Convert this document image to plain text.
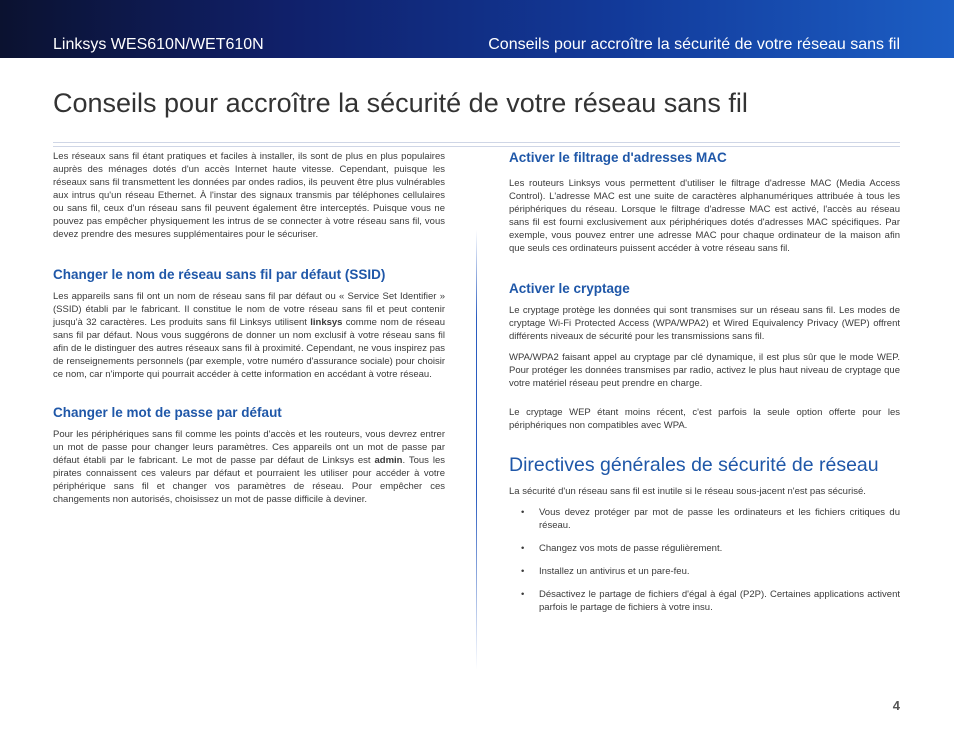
Linksys WES610N/WET610N	Conseils pour accroître la sécurité de votre réseau sans fil
Conseils pour accroître la sécurité de votre réseau sans fil

Les réseaux sans fil étant pratiques et faciles à installer, ils sont de plus en plus populaires auprès des ménages dotés d'un accès Internet haute vitesse. Cependant, puisque les réseaux sans fil transmettent les données par ondes radios, ils peuvent être plus vulnérables aux intrus qu'un réseau Ethernet. À l'instar des signaux transmis par téléphones cellulaires ou sans fil, ceux d'un réseau sans fil peuvent également être interceptés. Puisque vous ne pouvez pas empêcher physiquement les intrus de se connecter à votre réseau sans fil, vous devez prendre des mesures supplémentaires pour le sécuriser.

Changer le nom de réseau sans fil par défaut (SSID)

Les appareils sans fil ont un nom de réseau sans fil par défaut ou « Service Set Identifier » (SSID) établi par le fabricant. Il constitue le nom de votre réseau sans fil et peut contenir jusqu'à 32 caractères. Les produits sans fil Linksys utilisent linksys comme nom de réseau sans fil par défaut. Nous vous suggérons de donner un nom exclusif à votre réseau sans fil afin de le distinguer des autres réseaux sans fil à proximité. Cependant, ne vous inspirez pas de renseignements personnels (par exemple, votre numéro d'assurance sociale) pour choisir ce nom, car n'importe qui pourrait accéder à cette information en accédant à votre réseau.

Changer le mot de passe par défaut

Pour les périphériques sans fil comme les points d'accès et les routeurs, vous devrez entrer un mot de passe pour changer leurs paramètres. Ces appareils ont un mot de passe par défaut établi par le fabricant. Le mot de passe par défaut de Linksys est admin. Tous les pirates connaissent ces valeurs par défaut et pourraient les utiliser pour accéder à votre périphérique sans fil et changer vos paramètres de réseau. Pour empêcher ces changements non autorisés, choisissez un mot de passe difficile à deviner.

Activer le filtrage d'adresses MAC

Les routeurs Linksys vous permettent d'utiliser le filtrage d'adresse MAC (Media Access Control). L'adresse MAC est une suite de caractères alphanumériques attribuée à tous les périphériques du réseau. Lorsque le filtrage d'adresse MAC est activé, l'accès au réseau sans fil est fourni exclusivement aux périphériques dotés d'adresses MAC spécifiques. Par exemple, vous pouvez entrer une adresse MAC pour chaque ordinateur de la maison afin que seuls ces ordinateurs puissent accéder à votre réseau sans fil.

Activer le cryptage

Le cryptage protège les données qui sont transmises sur un réseau sans fil. Les modes de cryptage Wi-Fi Protected Access (WPA/WPA2) et Wired Equivalency Privacy (WEP) offrent différents niveaux de sécurité pour les transmissions sans fil.

WPA/WPA2 faisant appel au cryptage par clé dynamique, il est plus sûr que le mode WEP. Pour protéger les données transmises par radio, activez le plus haut niveau de cryptage que votre matériel réseau peut prendre en charge.

Le cryptage WEP étant moins récent, c'est parfois la seule option offerte pour les périphériques non compatibles avec WPA.

Directives générales de sécurité de réseau

La sécurité d'un réseau sans fil est inutile si le réseau sous-jacent n'est pas sécurisé.

• Vous devez protéger par mot de passe les ordinateurs et les fichiers critiques du réseau.
• Changez vos mots de passe régulièrement.
• Installez un antivirus et un pare-feu.
• Désactivez le partage de fichiers d'égal à égal (P2P). Certaines applications activent parfois le partage de fichiers à votre insu.
4
